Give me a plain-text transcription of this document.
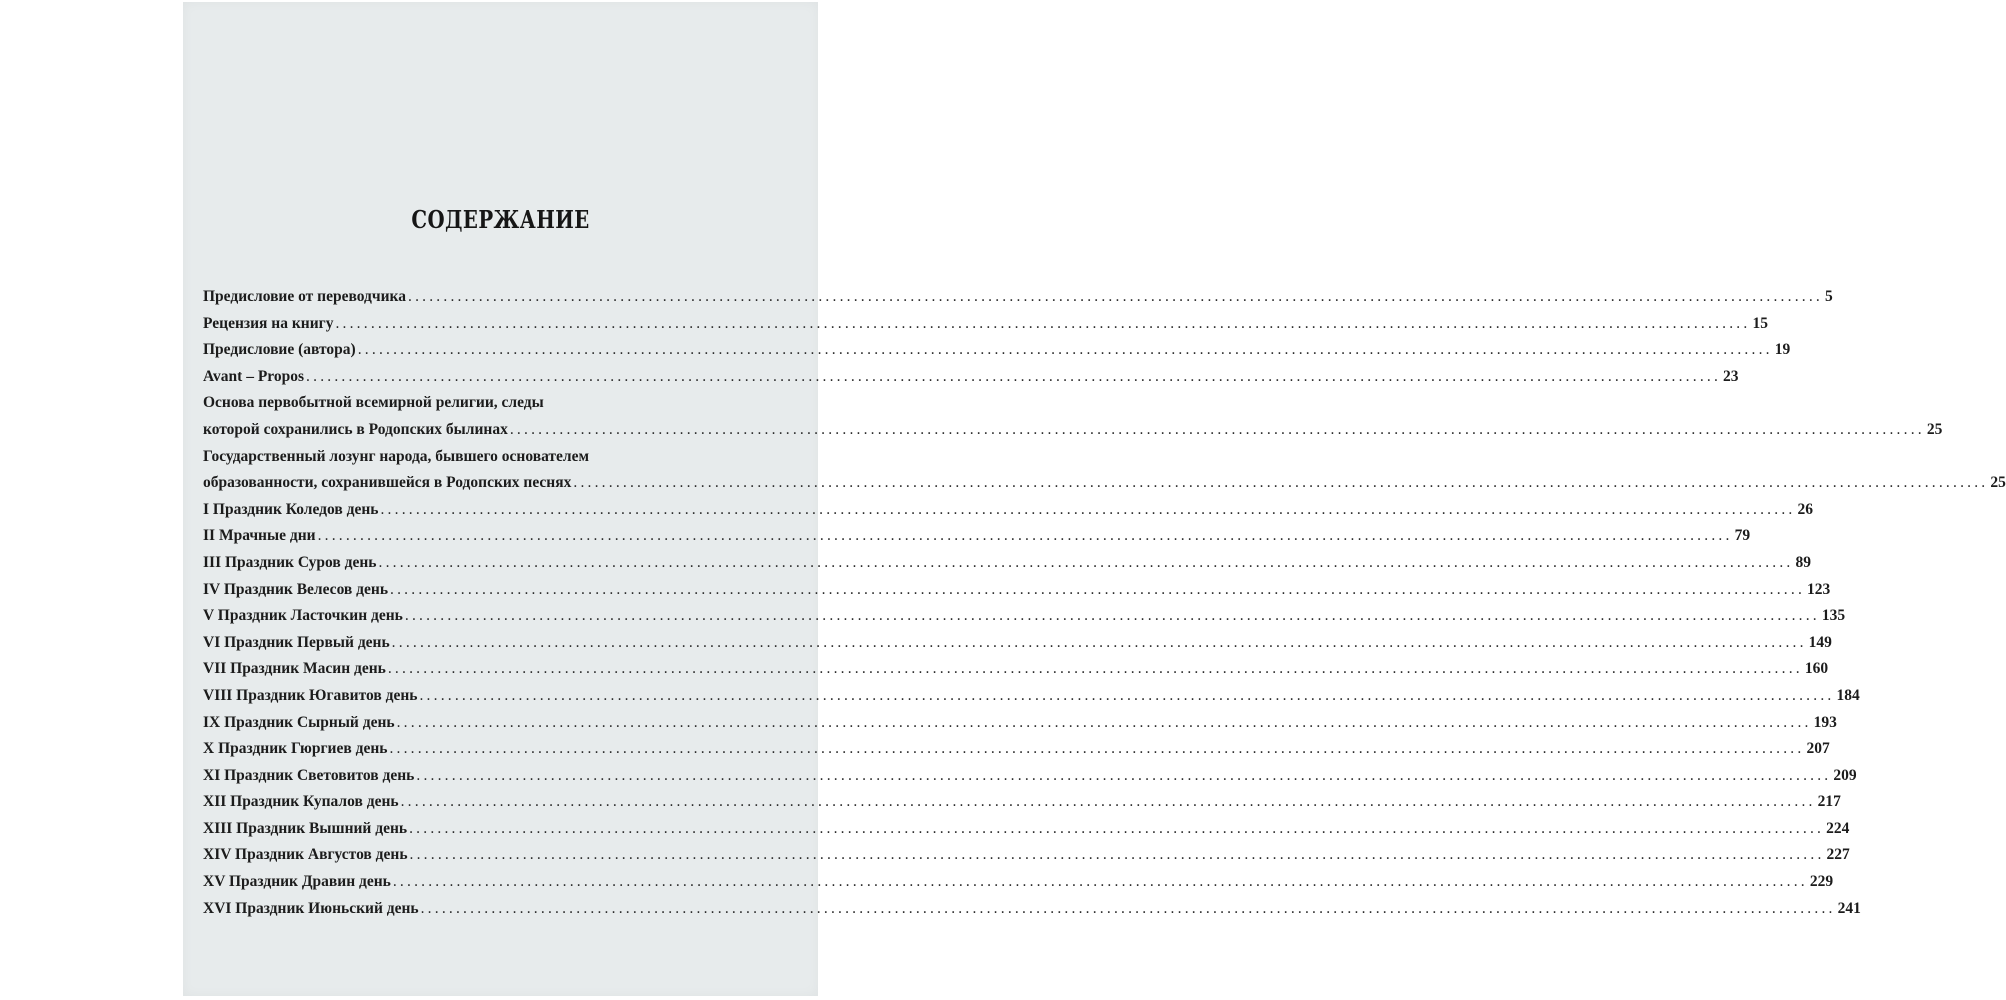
СОДЕРЖАНИЕ
Предисловие от переводчика ........................................................................................................................................................................................................ 5
Рецензия на книгу ........................................................................................................................................................................................................ 15
Предисловие (автора) ........................................................................................................................................................................................................ 19
Avant – Propos ........................................................................................................................................................................................................ 23
Основа первобытной всемирной религии, следы
которой сохранились в Родопских былинах ........................................................................................................................................................................................................ 25
Государственный лозунг народа, бывшего основателем
образованности, сохранившейся в Родопских песнях ........................................................................................................................................................................................................ 25
I Праздник Коледов день ........................................................................................................................................................................................................ 26
II Мрачные дни ........................................................................................................................................................................................................ 79
III Праздник Суров день ........................................................................................................................................................................................................ 89
IV Праздник Велесов день ........................................................................................................................................................................................................ 123
V Праздник Ласточкин день ........................................................................................................................................................................................................ 135
VI Праздник Первый день ........................................................................................................................................................................................................ 149
VII Праздник Масин день ........................................................................................................................................................................................................ 160
VIII Праздник Югавитов день ........................................................................................................................................................................................................ 184
IX Праздник Сырный день ........................................................................................................................................................................................................ 193
X Праздник Гюргиев день ........................................................................................................................................................................................................ 207
XI Праздник Световитов день ........................................................................................................................................................................................................ 209
XII Праздник Купалов день ........................................................................................................................................................................................................ 217
XIII Праздник Вышний день ........................................................................................................................................................................................................ 224
XIV Праздник Августов день ........................................................................................................................................................................................................ 227
XV Праздник Дравин день ........................................................................................................................................................................................................ 229
XVI Праздник Июньский день ........................................................................................................................................................................................................ 241
